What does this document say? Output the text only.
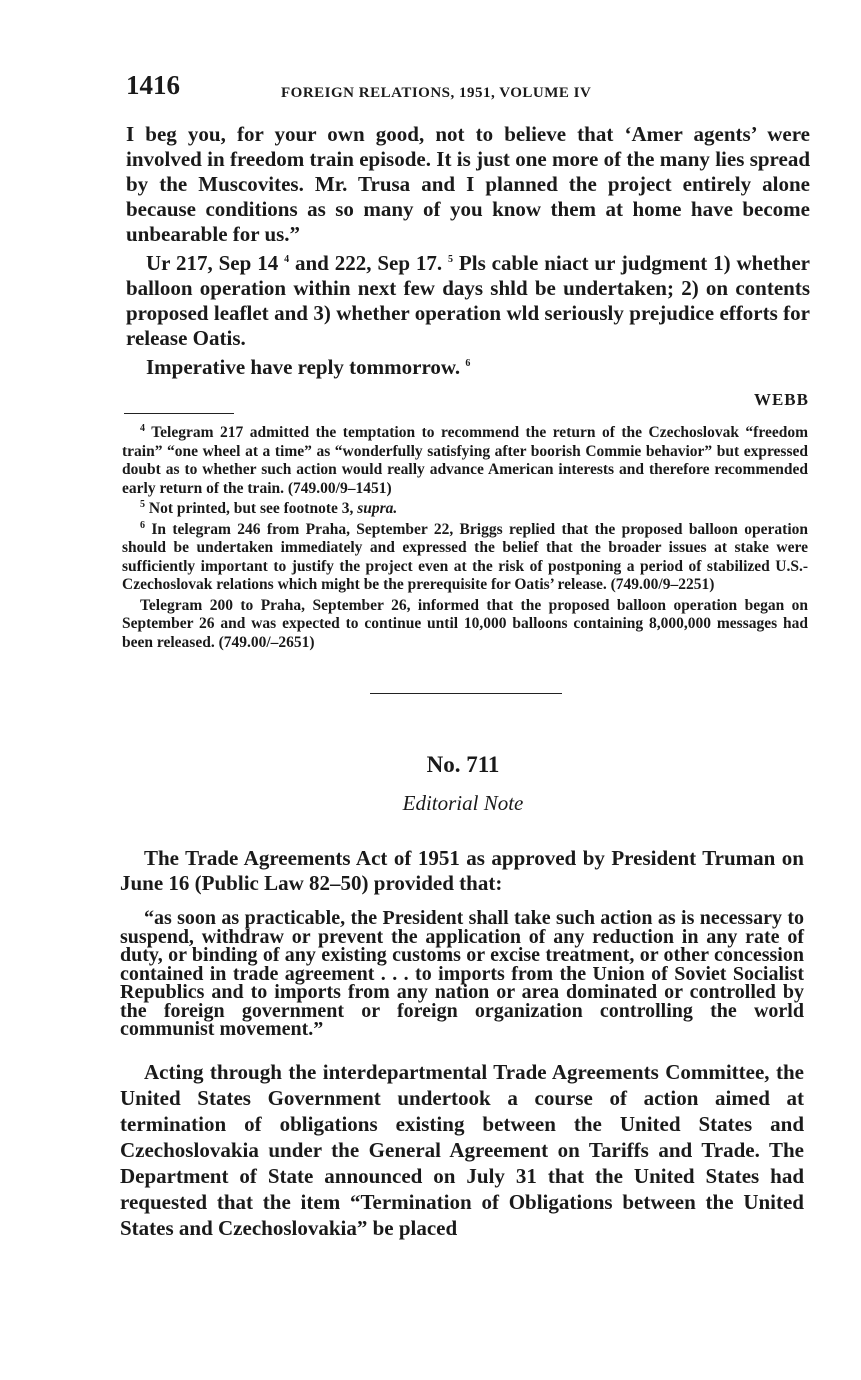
1416	FOREIGN RELATIONS, 1951, VOLUME IV

I beg you, for your own good, not to believe that ‘Amer agents’ were involved in freedom train episode. It is just one more of the many lies spread by the Muscovites. Mr. Trusa and I planned the project entirely alone because conditions as so many of you know them at home have become unbearable for us.”

Ur 217, Sep 14 $^4$ and 222, Sep 17. $^5$ Pls cable niact ur judgment 1) whether balloon operation within next few days shld be undertaken; 2) on contents proposed leaflet and 3) whether operation wld seriously prejudice efforts for release Oatis.

Imperative have reply tommorrow. $^6$

WEBB

$^4$ Telegram 217 admitted the temptation to recommend the return of the Czechoslovak “freedom train” “one wheel at a time” as “wonderfully satisfying after boorish Commie behavior” but expressed doubt as to whether such action would really advance American interests and therefore recommended early return of the train. (749.00/9–1451)

$^5$ Not printed, but see footnote 3, supra.

$^6$ In telegram 246 from Praha, September 22, Briggs replied that the proposed balloon operation should be undertaken immediately and expressed the belief that the broader issues at stake were sufficiently important to justify the project even at the risk of postponing a period of stabilized U.S.-Czechoslovak relations which might be the prerequisite for Oatis’ release. (749.00/9–2251)

Telegram 200 to Praha, September 26, informed that the proposed balloon operation began on September 26 and was expected to continue until 10,000 balloons containing 8,000,000 messages had been released. (749.00/–2651)

No. 711
Editorial Note

The Trade Agreements Act of 1951 as approved by President Truman on June 16 (Public Law 82–50) provided that:

“as soon as practicable, the President shall take such action as is necessary to suspend, withdraw or prevent the application of any reduction in any rate of duty, or binding of any existing customs or excise treatment, or other concession contained in trade agreement . . . to imports from the Union of Soviet Socialist Republics and to imports from any nation or area dominated or controlled by the foreign government or foreign organization controlling the world communist movement.”

Acting through the interdepartmental Trade Agreements Committee, the United States Government undertook a course of action aimed at termination of obligations existing between the United States and Czechoslovakia under the General Agreement on Tariffs and Trade. The Department of State announced on July 31 that the United States had requested that the item “Termination of Obligations between the United States and Czechoslovakia” be placed
